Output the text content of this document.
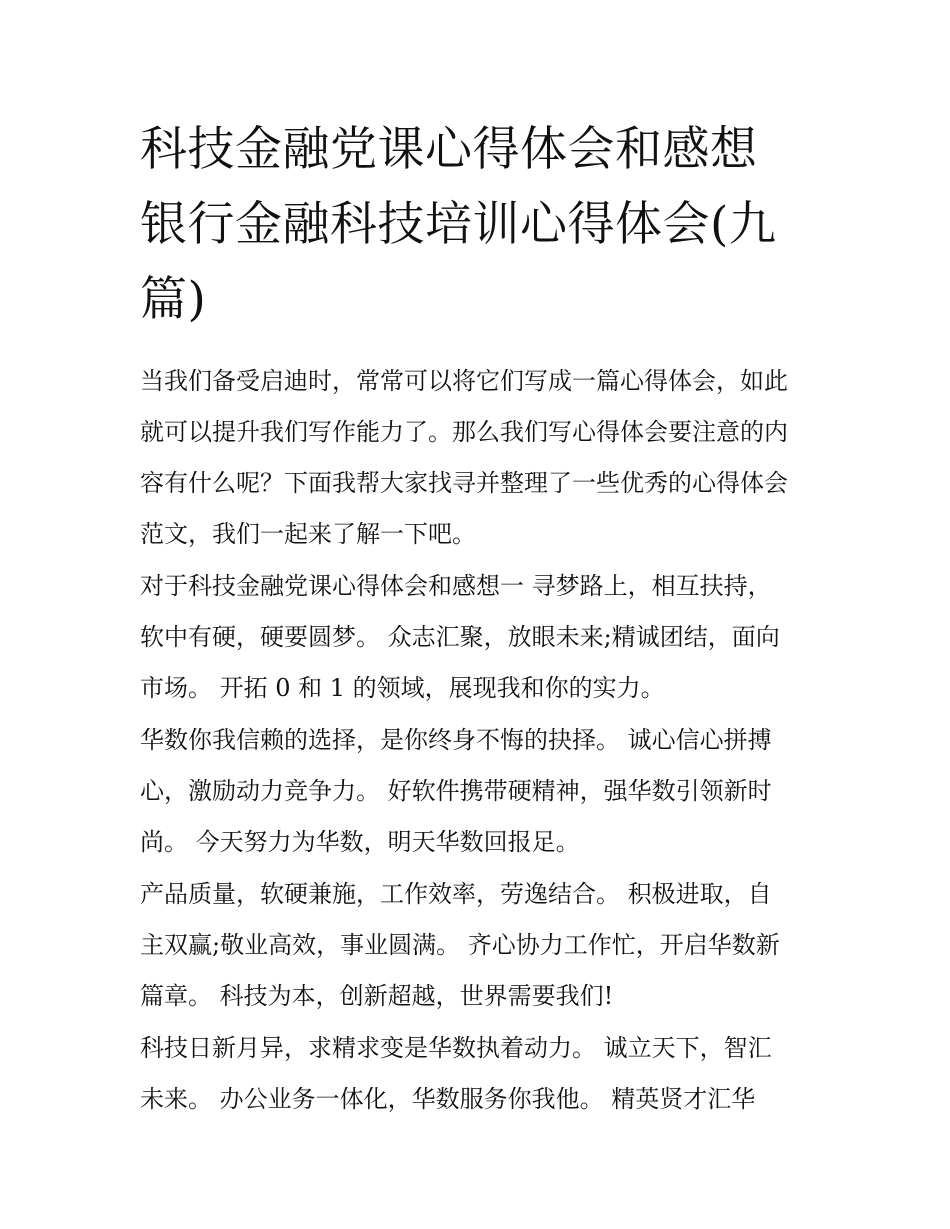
科技金融党课心得体会和感想
银行金融科技培训心得体会(九
篇)

当我们备受启迪时，常常可以将它们写成一篇心得体会，如此
就可以提升我们写作能力了。那么我们写心得体会要注意的内
容有什么呢？下面我帮大家找寻并整理了一些优秀的心得体会
范文，我们一起来了解一下吧。

对于科技金融党课心得体会和感想一 寻梦路上，相互扶持，
软中有硬，硬要圆梦。 众志汇聚，放眼未来;精诚团结，面向
市场。 开拓 0 和 1 的领域，展现我和你的实力。

华数你我信赖的选择，是你终身不悔的抉择。 诚心信心拼搏
心，激励动力竞争力。 好软件携带硬精神，强华数引领新时
尚。 今天努力为华数，明天华数回报足。

产品质量，软硬兼施，工作效率，劳逸结合。 积极进取，自
主双赢;敬业高效，事业圆满。 齐心协力工作忙，开启华数新
篇章。 科技为本，创新超越，世界需要我们!

科技日新月异，求精求变是华数执着动力。 诚立天下，智汇
未来。 办公业务一体化，华数服务你我他。 精英贤才汇华
